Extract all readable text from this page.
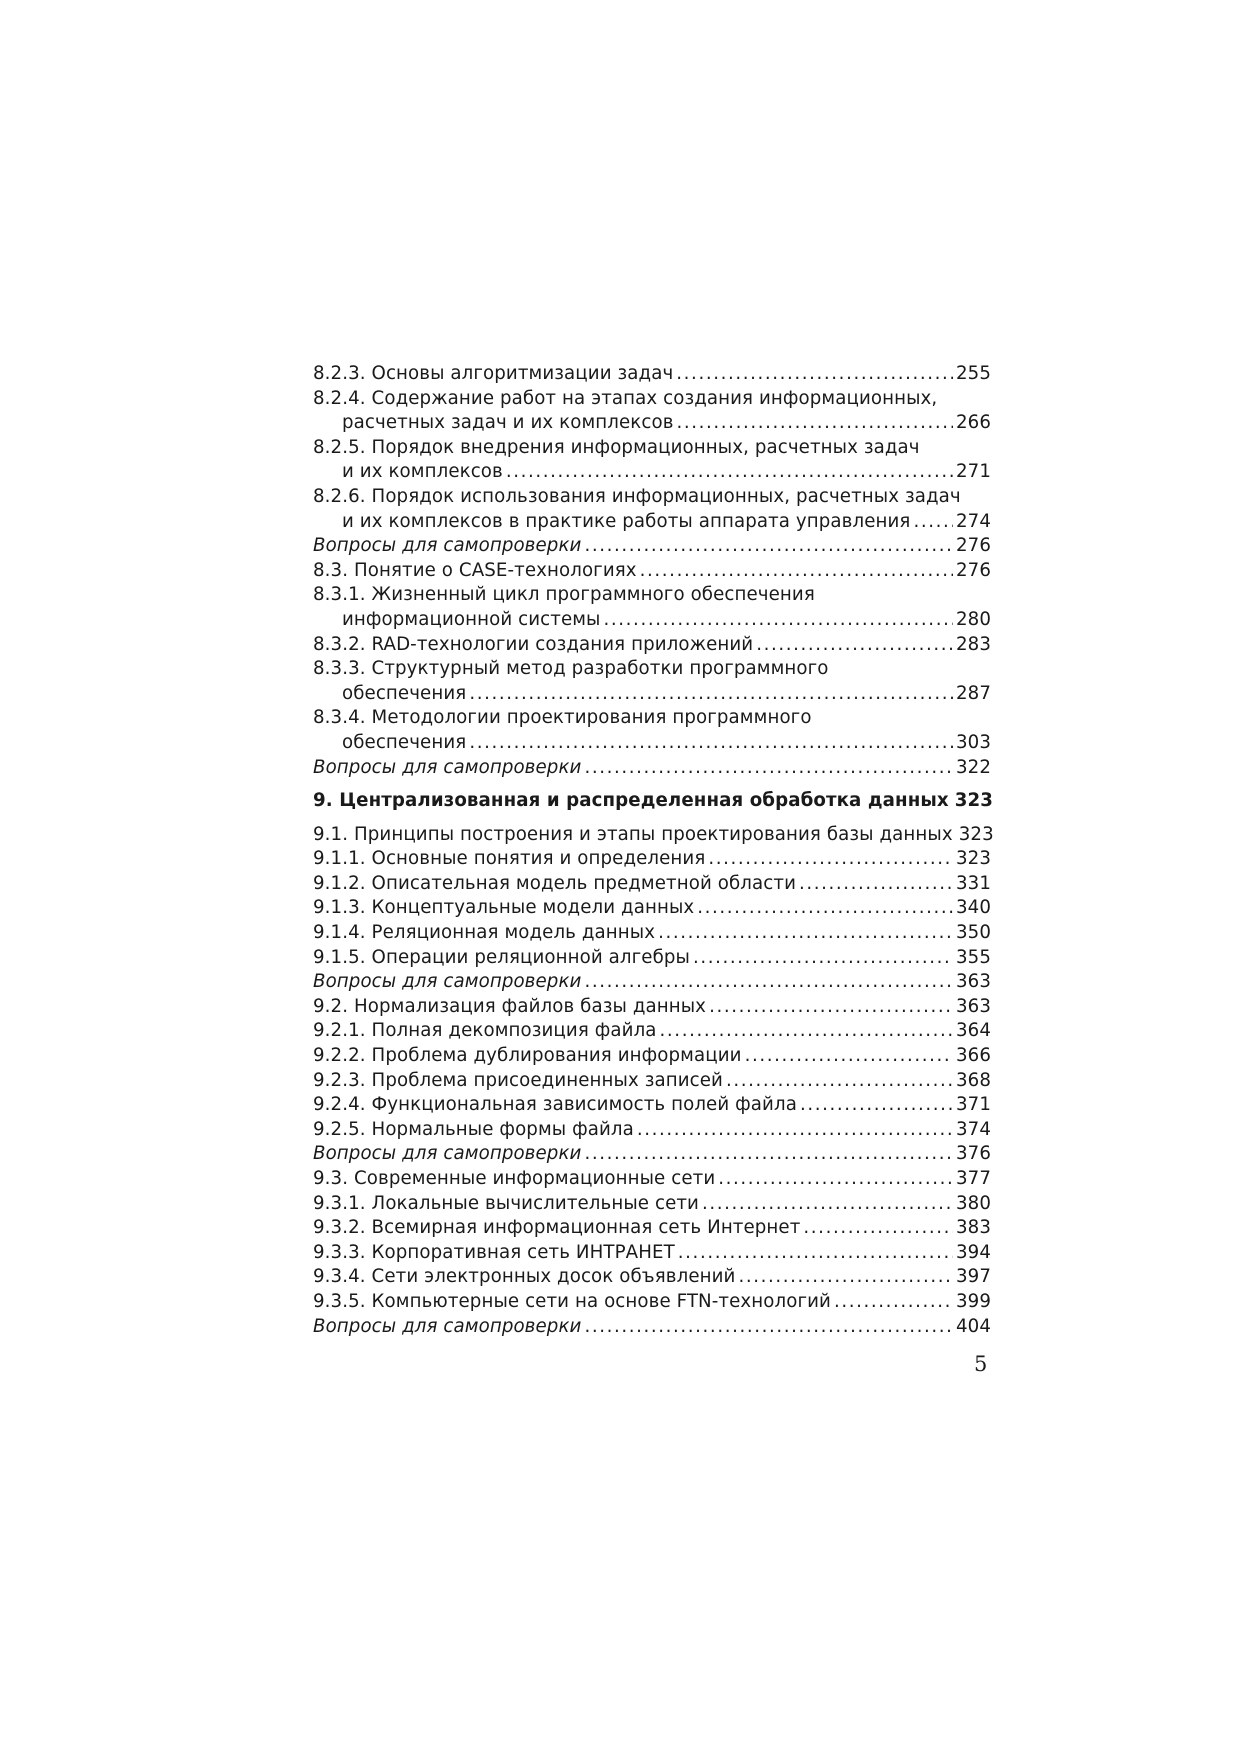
8.2.3. Основы алгоритмизации задач .....	255
8.2.4. Содержание работ на этапах создания информационных,
расчетных задач и их комплексов .....	266
8.2.5. Порядок внедрения информационных, расчетных задач
и их комплексов .....	271
8.2.6. Порядок использования информационных, расчетных задач
и их комплексов в практике работы аппарата управления .....	274
Вопросы для самопроверки .....	276
8.3. Понятие о CASE-технологиях .....	276
8.3.1. Жизненный цикл программного обеспечения
информационной системы .....	280
8.3.2. RAD-технологии создания приложений .....	283
8.3.3. Структурный метод разработки программного
обеспечения .....	287
8.3.4. Методологии проектирования программного
обеспечения .....	303
Вопросы для самопроверки .....	322
9. Централизованная и распределенная обработка данных 323
9.1. Принципы построения и этапы проектирования базы данных 323
9.1.1. Основные понятия и определения .....	323
9.1.2. Описательная модель предметной области .....	331
9.1.3. Концептуальные модели данных .....	340
9.1.4. Реляционная модель данных .....	350
9.1.5. Операции реляционной алгебры .....	355
Вопросы для самопроверки .....	363
9.2. Нормализация файлов базы данных .....	363
9.2.1. Полная декомпозиция файла .....	364
9.2.2. Проблема дублирования информации .....	366
9.2.3. Проблема присоединенных записей .....	368
9.2.4. Функциональная зависимость полей файла .....	371
9.2.5. Нормальные формы файла .....	374
Вопросы для самопроверки .....	376
9.3. Современные информационные сети .....	377
9.3.1. Локальные вычислительные сети .....	380
9.3.2. Всемирная информационная сеть Интернет .....	383
9.3.3. Корпоративная сеть ИНТРАНЕТ .....	394
9.3.4. Сети электронных досок объявлений .....	397
9.3.5. Компьютерные сети на основе FTN-технологий .....	399
Вопросы для самопроверки .....	404
5
